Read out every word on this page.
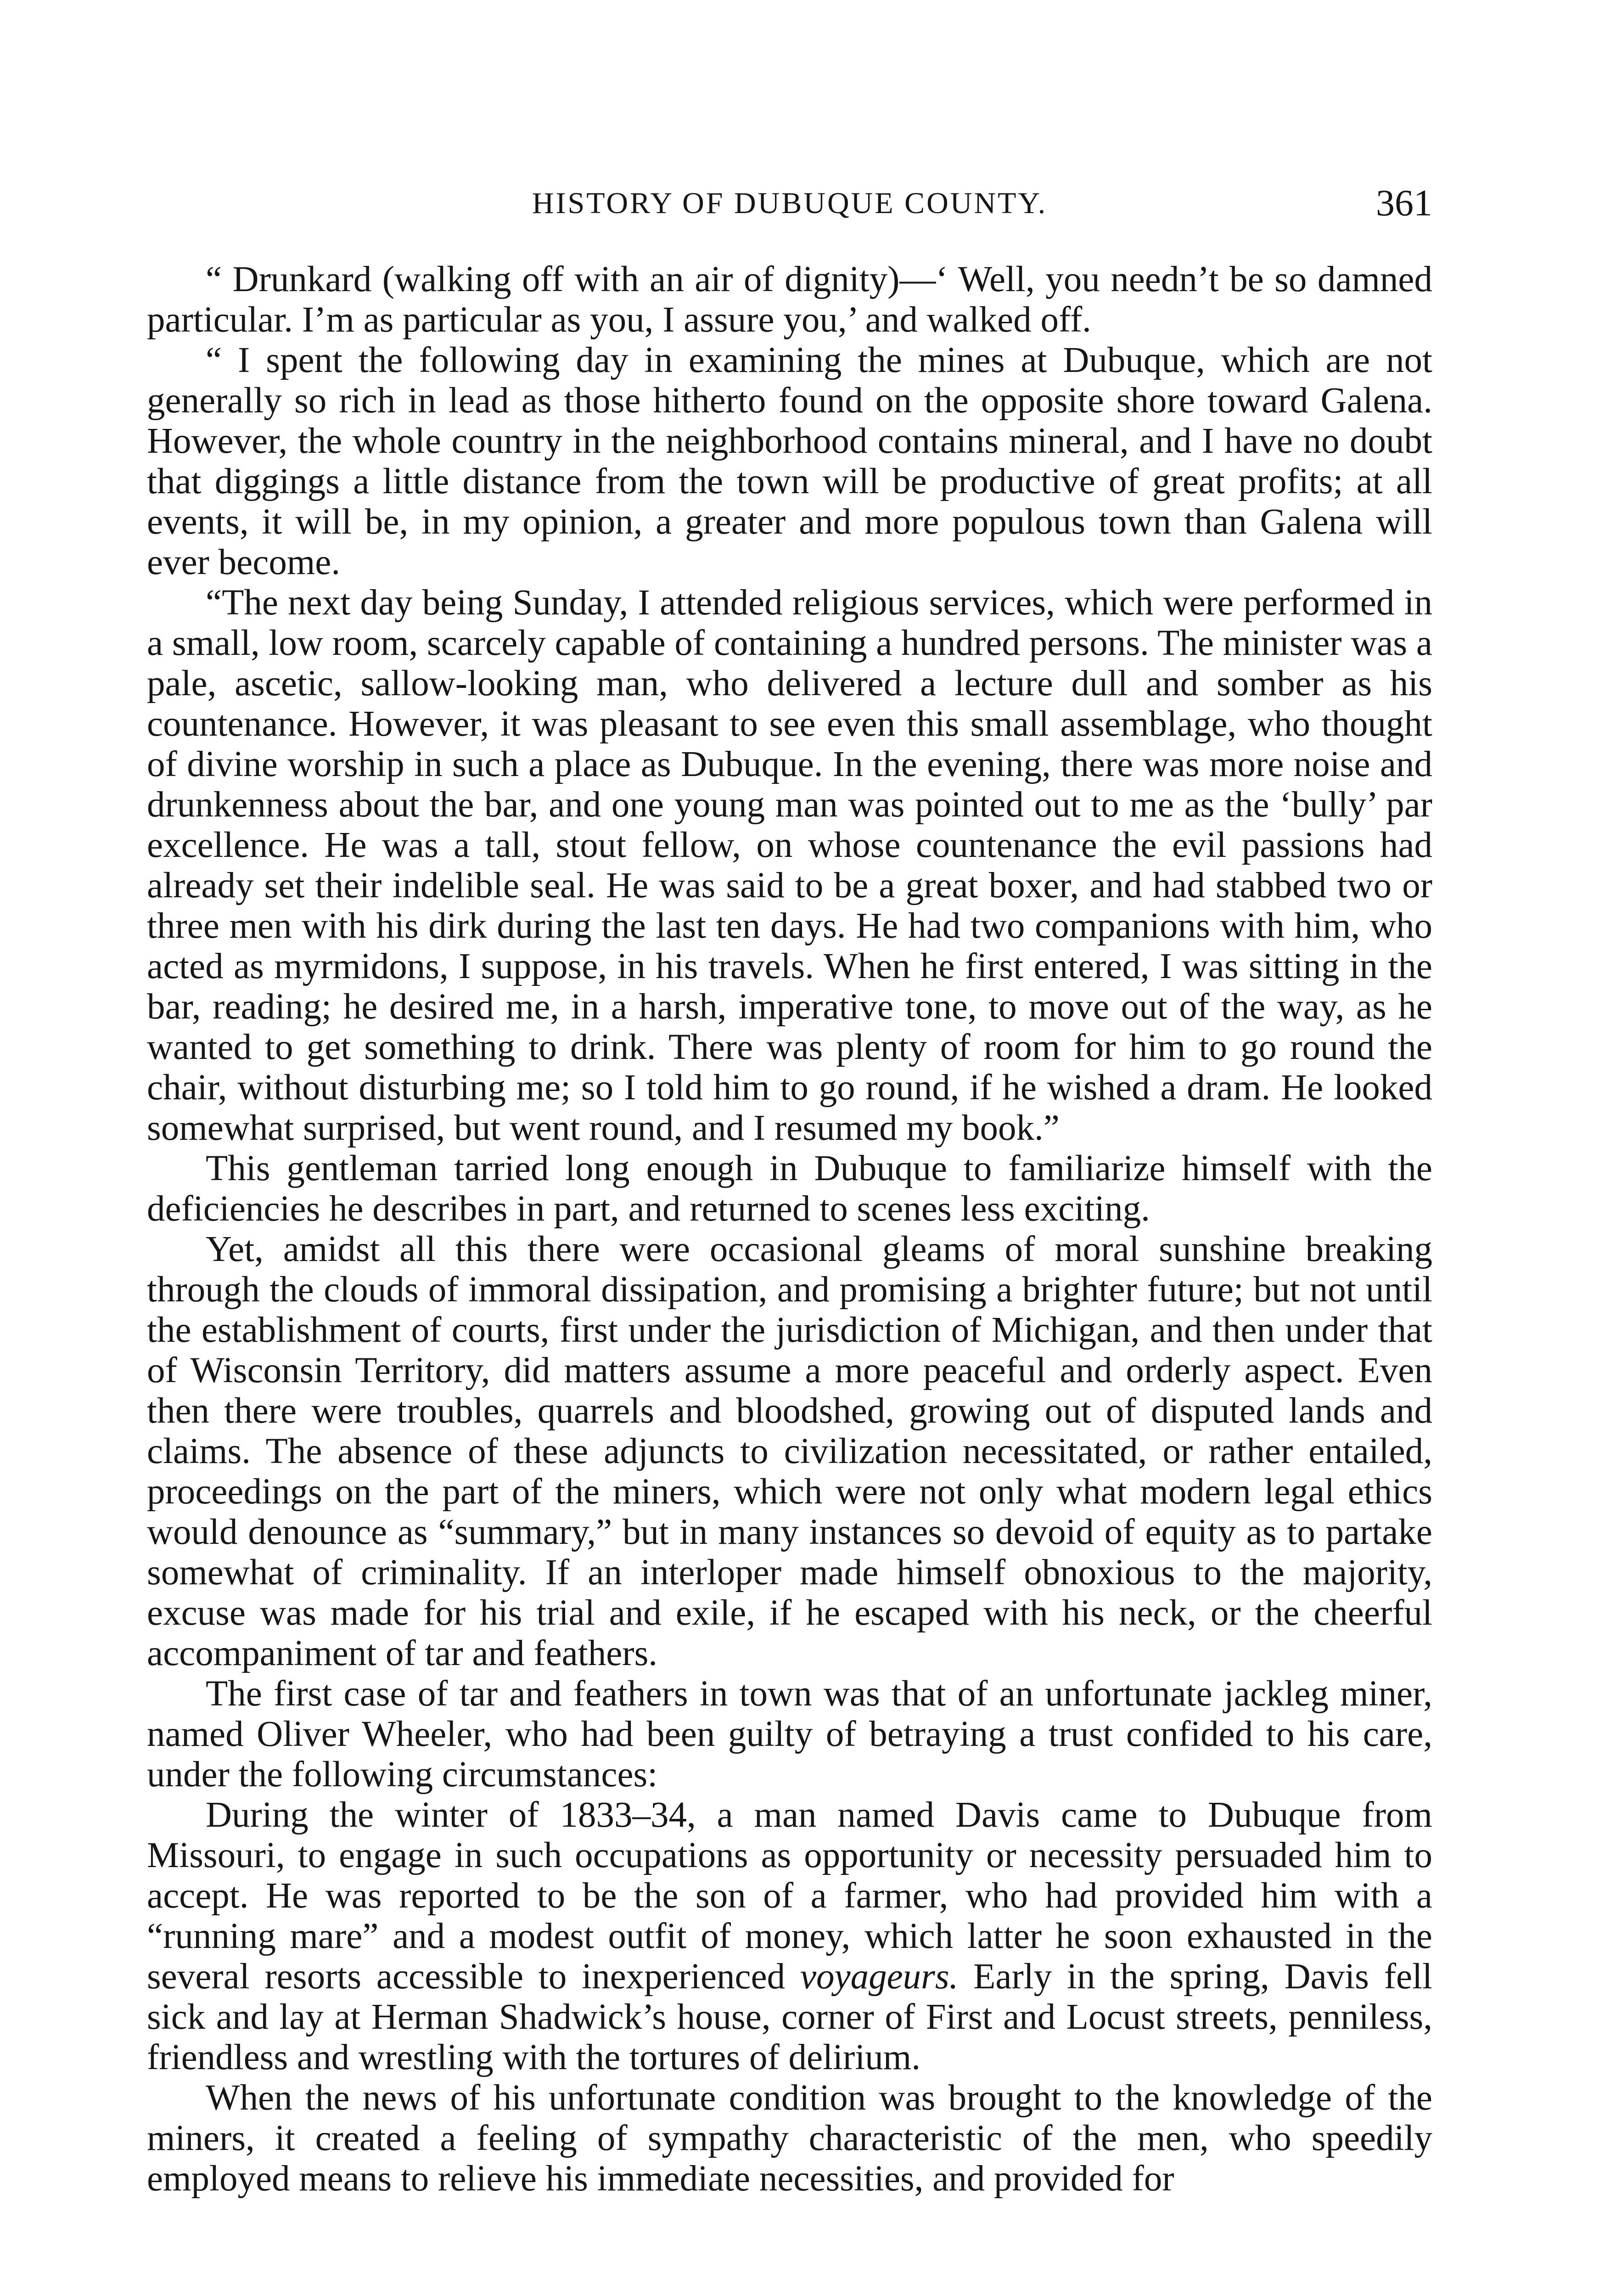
HISTORY OF DUBUQUE COUNTY.	361

“ Drunkard (walking off with an air of dignity)—‘ Well, you needn’t be so damned particular. I’m as particular as you, I assure you,’ and walked off.

“ I spent the following day in examining the mines at Dubuque, which are not generally so rich in lead as those hitherto found on the opposite shore toward Galena. However, the whole country in the neighborhood contains mineral, and I have no doubt that diggings a little distance from the town will be productive of great profits; at all events, it will be, in my opinion, a greater and more populous town than Galena will ever become.

“The next day being Sunday, I attended religious services, which were performed in a small, low room, scarcely capable of containing a hundred persons. The minister was a pale, ascetic, sallow-looking man, who delivered a lecture dull and somber as his countenance. However, it was pleasant to see even this small assemblage, who thought of divine worship in such a place as Dubuque. In the evening, there was more noise and drunkenness about the bar, and one young man was pointed out to me as the ‘bully’ par excellence. He was a tall, stout fellow, on whose countenance the evil passions had already set their indelible seal. He was said to be a great boxer, and had stabbed two or three men with his dirk during the last ten days. He had two companions with him, who acted as myrmidons, I suppose, in his travels. When he first entered, I was sitting in the bar, reading; he desired me, in a harsh, imperative tone, to move out of the way, as he wanted to get something to drink. There was plenty of room for him to go round the chair, without disturbing me; so I told him to go round, if he wished a dram. He looked somewhat surprised, but went round, and I resumed my book.”

This gentleman tarried long enough in Dubuque to familiarize himself with the deficiencies he describes in part, and returned to scenes less exciting.

Yet, amidst all this there were occasional gleams of moral sunshine breaking through the clouds of immoral dissipation, and promising a brighter future; but not until the establishment of courts, first under the jurisdiction of Michigan, and then under that of Wisconsin Territory, did matters assume a more peaceful and orderly aspect. Even then there were troubles, quarrels and bloodshed, growing out of disputed lands and claims. The absence of these adjuncts to civilization necessitated, or rather entailed, proceedings on the part of the miners, which were not only what modern legal ethics would denounce as “summary,” but in many instances so devoid of equity as to partake somewhat of criminality. If an interloper made himself obnoxious to the majority, excuse was made for his trial and exile, if he escaped with his neck, or the cheerful accompaniment of tar and feathers.

The first case of tar and feathers in town was that of an unfortunate jackleg miner, named Oliver Wheeler, who had been guilty of betraying a trust confided to his care, under the following circumstances:

During the winter of 1833–34, a man named Davis came to Dubuque from Missouri, to engage in such occupations as opportunity or necessity persuaded him to accept. He was reported to be the son of a farmer, who had provided him with a “running mare” and a modest outfit of money, which latter he soon exhausted in the several resorts accessible to inexperienced voyageurs. Early in the spring, Davis fell sick and lay at Herman Shadwick’s house, corner of First and Locust streets, penniless, friendless and wrestling with the tortures of delirium.

When the news of his unfortunate condition was brought to the knowledge of the miners, it created a feeling of sympathy characteristic of the men, who speedily employed means to relieve his immediate necessities, and provided for
